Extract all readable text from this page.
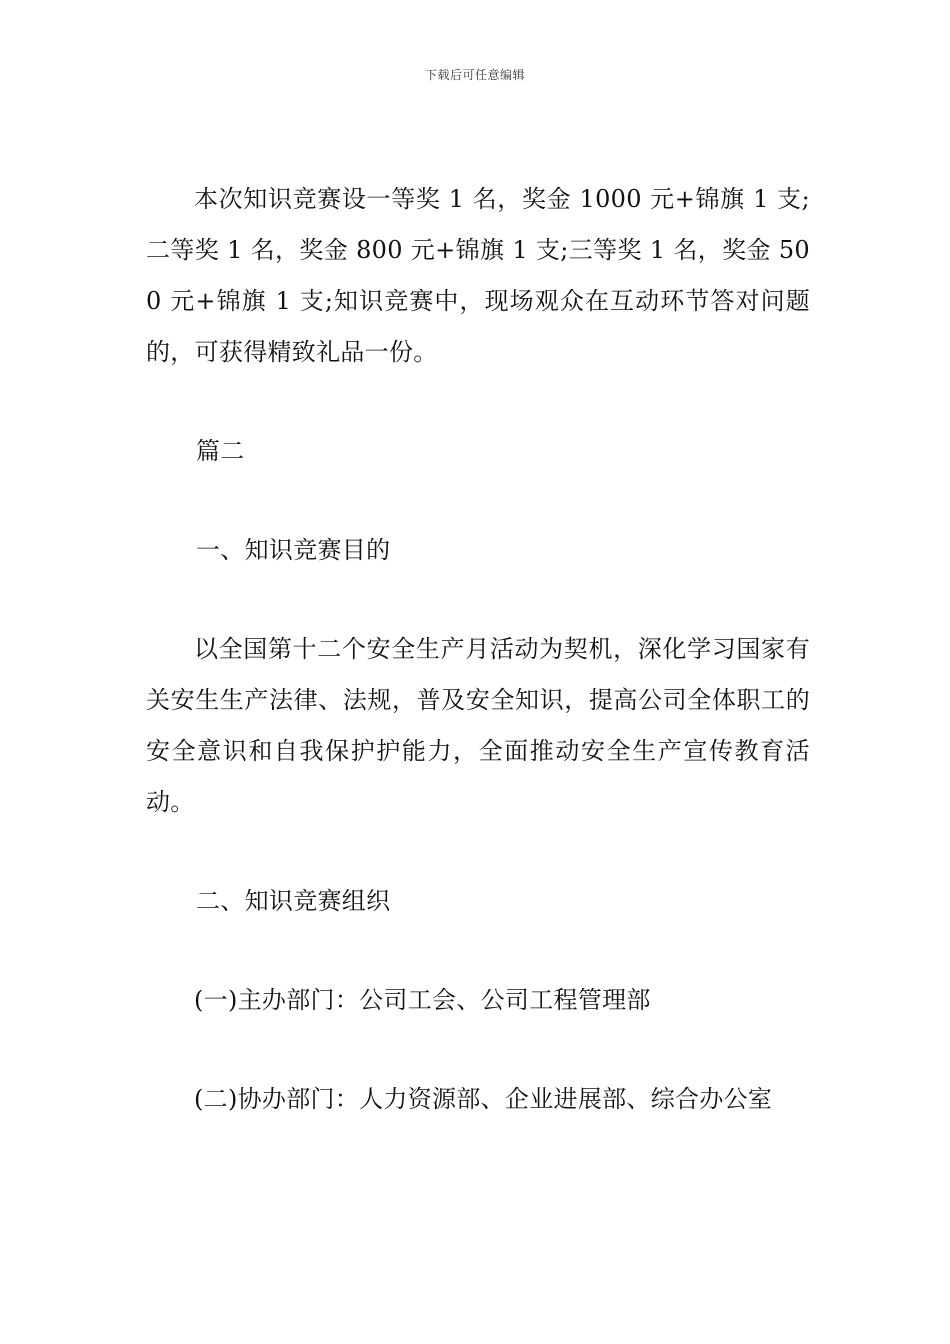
下载后可任意编辑

本次知识竞赛设一等奖 1 名，奖金 1000 元+锦旗 1 支;二等奖 1 名，奖金 800 元+锦旗 1 支;三等奖 1 名，奖金 500 元+锦旗 1 支;知识竞赛中，现场观众在互动环节答对问题的，可获得精致礼品一份。

篇二

一、知识竞赛目的

以全国第十二个安全生产月活动为契机，深化学习国家有关安生生产法律、法规，普及安全知识，提高公司全体职工的安全意识和自我保护护能力，全面推动安全生产宣传教育活动。

二、知识竞赛组织

(一)主办部门：公司工会、公司工程管理部

(二)协办部门：人力资源部、企业进展部、综合办公室
